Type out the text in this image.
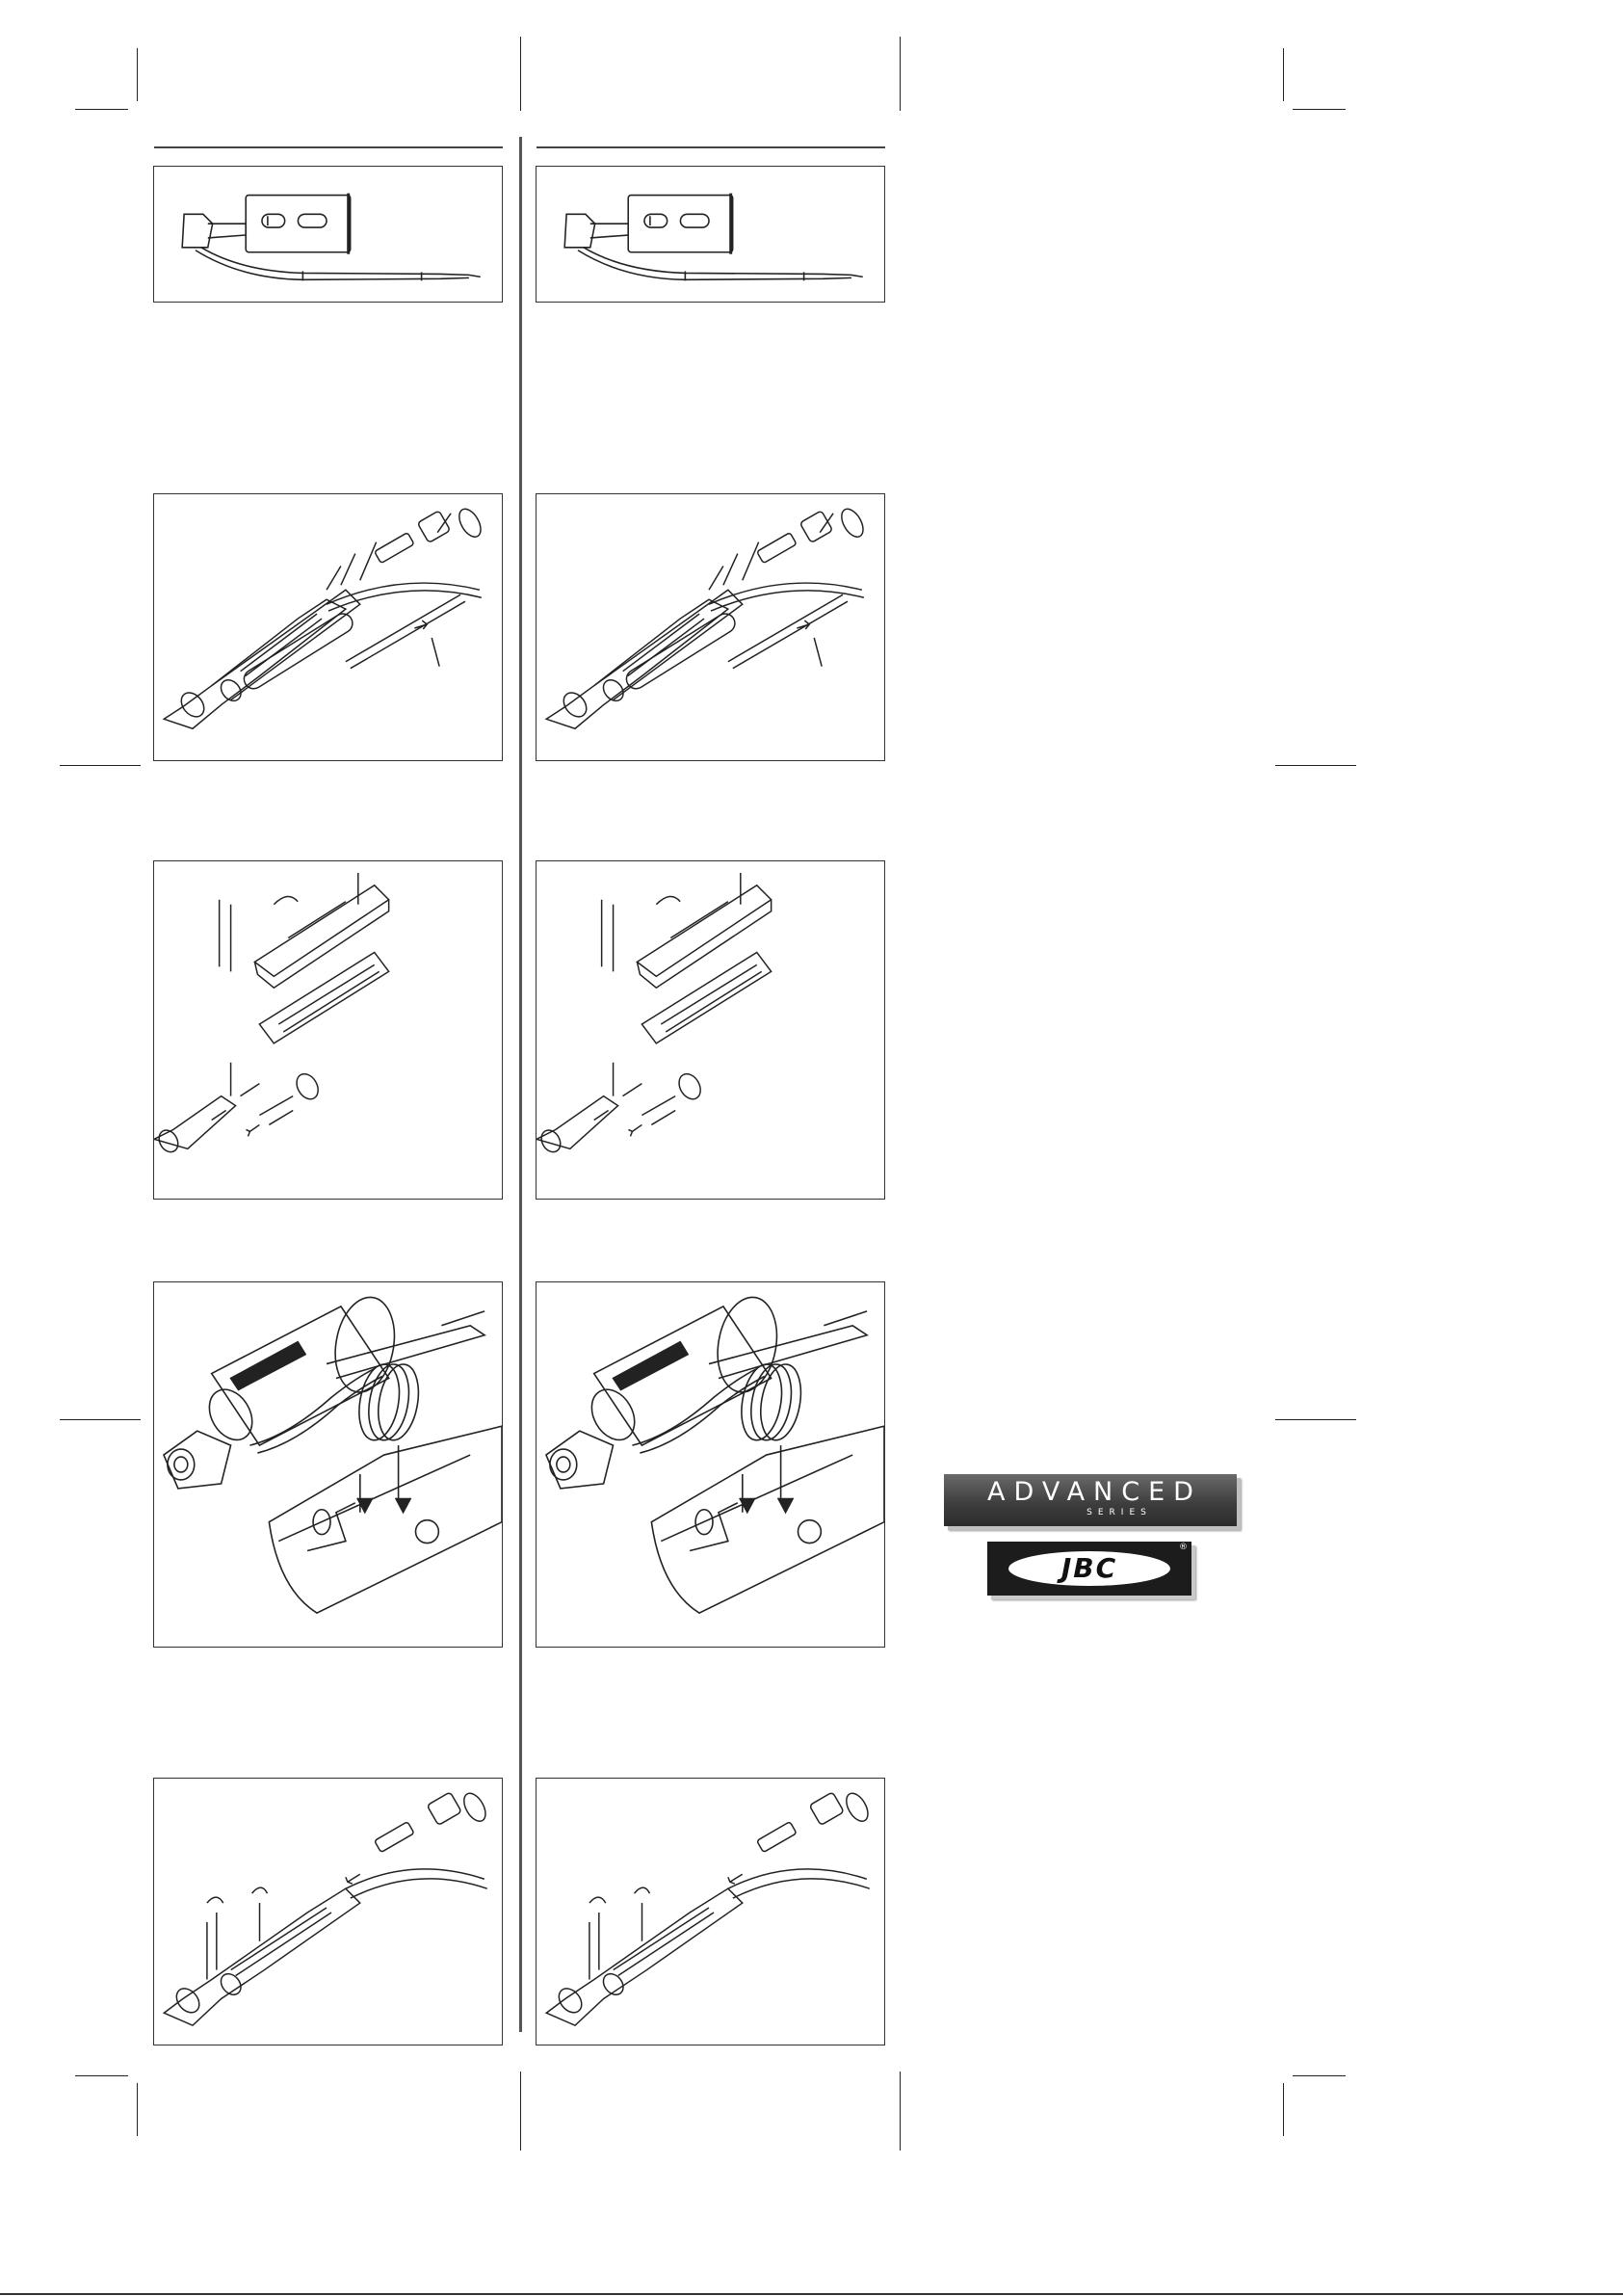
ADVANCED
SERIES
JBC
®
